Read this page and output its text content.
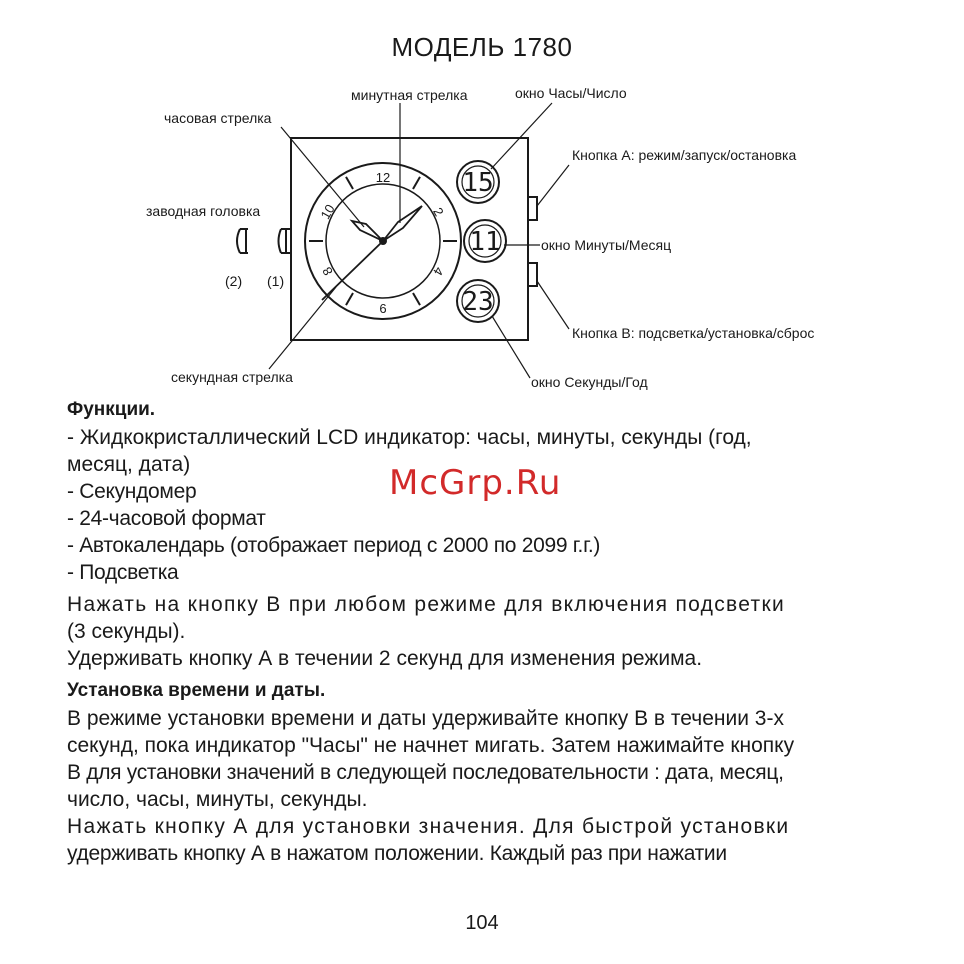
МОДЕЛЬ 1780
12
2
4
6
8
10
15
11
23
часовая стрелка
минутная стрелка	окно Часы/Число
Кнопка А: режим/запуск/остановка
заводная головка
(2) (1)
окно Минуты/Месяц
Кнопка В: подсветка/установка/сброс
секундная стрелка	окно Секунды/Год

Функции.

- Жидкокристаллический LCD индикатор: часы, минуты, секунды (год,

месяц, дата)

- Секундомер

- 24-часовой формат

- Автокалендарь (отображает период с 2000 по 2099 г.г.)

- Подсветка

Нажать на кнопку В при любом режиме для включения подсветки

(3 секунды).

Удерживать кнопку А в течении 2 секунд для изменения режима.

Установка времени и даты.

В режиме установки времени и даты удерживайте кнопку В в течении 3-х

секунд, пока индикатор "Часы" не начнет мигать. Затем нажимайте кнопку

В для установки значений в следующей последовательности : дата, месяц,

число, часы, минуты, секунды.

Нажать кнопку А для установки значения. Для быстрой установки

удерживать кнопку А в нажатом положении. Каждый раз при нажатии

McGrp.Ru
104
